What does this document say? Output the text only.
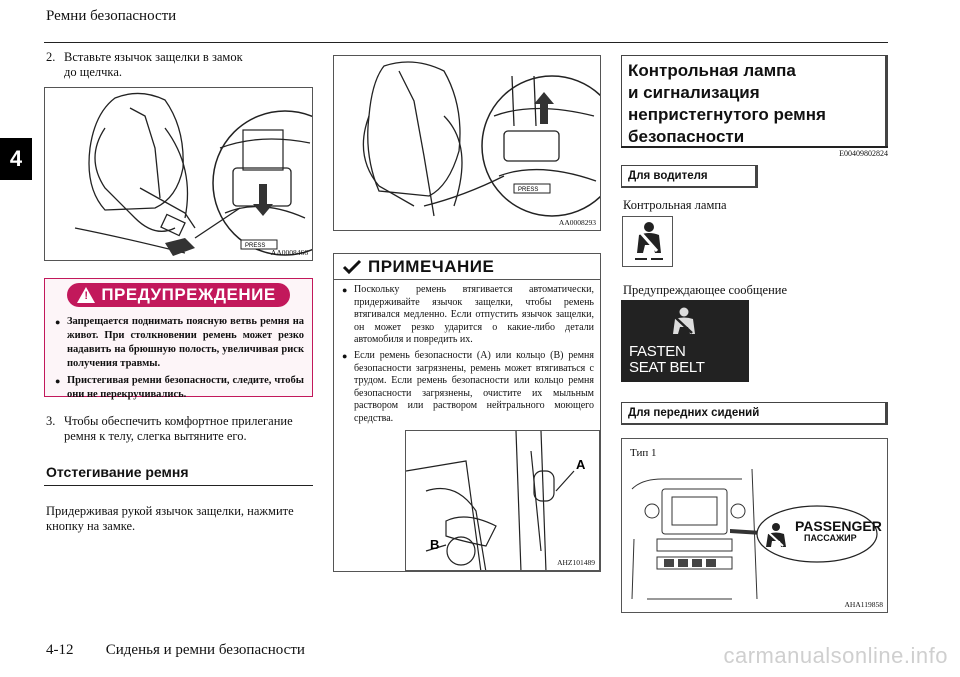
Ремни безопасности
4
2. Вставьте язычок защелки в замок
до щелчка.
PRESS
AA0008466
! ПРЕДУПРЕЖДЕНИЕ
● Запрещается поднимать поясную ветвь ремня на живот. При столкновении ремень может резко надавить на брюшную полость, увеличивая риск получения травмы.
● Пристегивая ремни безопасности, следите, чтобы они не перекручивались.
3. Чтобы обеспечить комфортное прилегание
ремня к телу, слегка вытяните его.
Отстегивание ремня
Придерживая рукой язычок защелки, нажмите
кнопку на замке.
PRESS
AA0008293
ПРИМЕЧАНИЕ
● Поскольку ремень втягивается автоматически, придерживайте язычок защелки, чтобы ремень втягивался медленно. Если отпустить язычок защелки, он может резко ударится о какие-либо детали автомобиля и повредить их.
● Если ремень безопасности (A) или кольцо (B) ремня безопасности загрязнены, ремень может втягиваться с трудом. Если ремень безопасности или кольцо ремня безопасности загрязнены, очистите их мыльным раствором или раствором нейтрального моющего средства.
A
B
AHZ101489
Контрольная лампа
и сигнализация
непристегнутого ремня
безопасности
E00409802824
Для водителя
Контрольная лампа
Предупреждающее сообщение
FASTEN
SEAT BELT
Для передних сидений
Тип 1
PASSENGER
ПАССАЖИР
AHA119858
4-12 Сиденья и ремни безопасности	carmanualsonline.info
